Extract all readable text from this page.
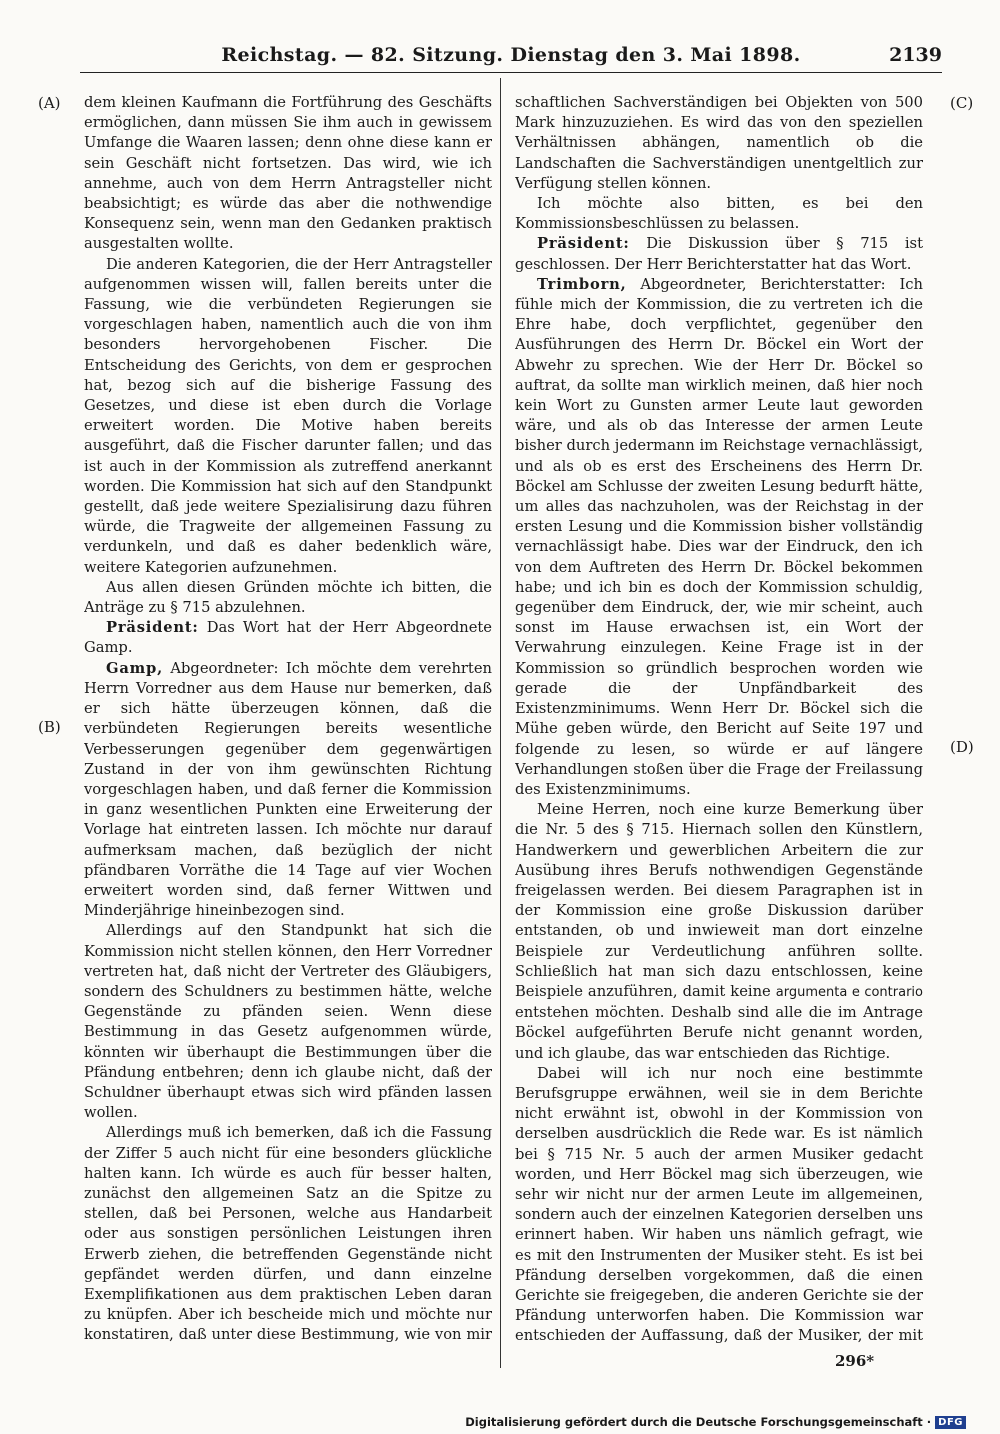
Reichstag. — 82. Sitzung. Dienstag den 3. Mai 1898.	2139
(A)
(B)
(C)
(D)

dem kleinen Kaufmann die Fortführung des Geschäfts ermöglichen, dann müssen Sie ihm auch in gewissem Umfange die Waaren lassen; denn ohne diese kann er sein Geschäft nicht fortsetzen. Das wird, wie ich annehme, auch von dem Herrn Antragsteller nicht beabsichtigt; es würde das aber die nothwendige Konsequenz sein, wenn man den Gedanken praktisch ausgestalten wollte.

Die anderen Kategorien, die der Herr Antragsteller aufgenommen wissen will, fallen bereits unter die Fassung, wie die verbündeten Regierungen sie vorgeschlagen haben, namentlich auch die von ihm besonders hervorgehobenen Fischer. Die Entscheidung des Gerichts, von dem er gesprochen hat, bezog sich auf die bisherige Fassung des Gesetzes, und diese ist eben durch die Vorlage erweitert worden. Die Motive haben bereits ausgeführt, daß die Fischer darunter fallen; und das ist auch in der Kommission als zutreffend anerkannt worden. Die Kommission hat sich auf den Standpunkt gestellt, daß jede weitere Spezialisirung dazu führen würde, die Tragweite der allgemeinen Fassung zu verdunkeln, und daß es daher bedenklich wäre, weitere Kategorien aufzunehmen.

Aus allen diesen Gründen möchte ich bitten, die Anträge zu § 715 abzulehnen.

Präsident: Das Wort hat der Herr Abgeordnete Gamp.

Gamp, Abgeordneter: Ich möchte dem verehrten Herrn Vorredner aus dem Hause nur bemerken, daß er sich hätte überzeugen können, daß die verbündeten Regierungen bereits wesentliche Verbesserungen gegenüber dem gegenwärtigen Zustand in der von ihm gewünschten Richtung vorgeschlagen haben, und daß ferner die Kommission in ganz wesentlichen Punkten eine Erweiterung der Vorlage hat eintreten lassen. Ich möchte nur darauf aufmerksam machen, daß bezüglich der nicht pfändbaren Vorräthe die 14 Tage auf vier Wochen erweitert worden sind, daß ferner Wittwen und Minderjährige hineinbezogen sind.

Allerdings auf den Standpunkt hat sich die Kommission nicht stellen können, den Herr Vorredner vertreten hat, daß nicht der Vertreter des Gläubigers, sondern des Schuldners zu bestimmen hätte, welche Gegenstände zu pfänden seien. Wenn diese Bestimmung in das Gesetz aufgenommen würde, könnten wir überhaupt die Bestimmungen über die Pfändung entbehren; denn ich glaube nicht, daß der Schuldner überhaupt etwas sich wird pfänden lassen wollen.

Allerdings muß ich bemerken, daß ich die Fassung der Ziffer 5 auch nicht für eine besonders glückliche halten kann. Ich würde es auch für besser halten, zunächst den allgemeinen Satz an die Spitze zu stellen, daß bei Personen, welche aus Handarbeit oder aus sonstigen persönlichen Leistungen ihren Erwerb ziehen, die betreffenden Gegenstände nicht gepfändet werden dürfen, und dann einzelne Exemplifikationen aus dem praktischen Leben daran zu knüpfen. Aber ich bescheide mich und möchte nur konstatiren, daß unter diese Bestimmung, wie von mir

schaftlichen Sachverständigen bei Objekten von 500 Mark hinzuzuziehen. Es wird das von den speziellen Verhältnissen abhängen, namentlich ob die Landschaften die Sachverständigen unentgeltlich zur Verfügung stellen können.

Ich möchte also bitten, es bei den Kommissionsbeschlüssen zu belassen.

Präsident: Die Diskussion über § 715 ist geschlossen. Der Herr Berichterstatter hat das Wort.

Trimborn, Abgeordneter, Berichterstatter: Ich fühle mich der Kommission, die zu vertreten ich die Ehre habe, doch verpflichtet, gegenüber den Ausführungen des Herrn Dr. Böckel ein Wort der Abwehr zu sprechen. Wie der Herr Dr. Böckel so auftrat, da sollte man wirklich meinen, daß hier noch kein Wort zu Gunsten armer Leute laut geworden wäre, und als ob das Interesse der armen Leute bisher durch jedermann im Reichstage vernachlässigt, und als ob es erst des Erscheinens des Herrn Dr. Böckel am Schlusse der zweiten Lesung bedurft hätte, um alles das nachzuholen, was der Reichstag in der ersten Lesung und die Kommission bisher vollständig vernachlässigt habe. Dies war der Eindruck, den ich von dem Auftreten des Herrn Dr. Böckel bekommen habe; und ich bin es doch der Kommission schuldig, gegenüber dem Eindruck, der, wie mir scheint, auch sonst im Hause erwachsen ist, ein Wort der Verwahrung einzulegen. Keine Frage ist in der Kommission so gründlich besprochen worden wie gerade die der Unpfändbarkeit des Existenzminimums. Wenn Herr Dr. Böckel sich die Mühe geben würde, den Bericht auf Seite 197 und folgende zu lesen, so würde er auf längere Verhandlungen stoßen über die Frage der Freilassung des Existenzminimums.

Meine Herren, noch eine kurze Bemerkung über die Nr. 5 des § 715. Hiernach sollen den Künstlern, Handwerkern und gewerblichen Arbeitern die zur Ausübung ihres Berufs nothwendigen Gegenstände freigelassen werden. Bei diesem Paragraphen ist in der Kommission eine große Diskussion darüber entstanden, ob und inwieweit man dort einzelne Beispiele zur Verdeutlichung anführen sollte. Schließlich hat man sich dazu entschlossen, keine Beispiele anzuführen, damit keine argumenta e contrario entstehen möchten. Deshalb sind alle die im Antrage Böckel aufgeführten Berufe nicht genannt worden, und ich glaube, das war entschieden das Richtige.

Dabei will ich nur noch eine bestimmte Berufsgruppe erwähnen, weil sie in dem Berichte nicht erwähnt ist, obwohl in der Kommission von derselben ausdrücklich die Rede war. Es ist nämlich bei § 715 Nr. 5 auch der armen Musiker gedacht worden, und Herr Böckel mag sich überzeugen, wie sehr wir nicht nur der armen Leute im allgemeinen, sondern auch der einzelnen Kategorien derselben uns erinnert haben. Wir haben uns nämlich gefragt, wie es mit den Instrumenten der Musiker steht. Es ist bei Pfändung derselben vorgekommen, daß die einen Gerichte sie freigegeben, die anderen Gerichte sie der Pfändung unterworfen haben. Die Kommission war entschieden der Auffassung, daß der Musiker, der mit

296*
Digitalisierung gefördert durch die Deutsche Forschungsgemeinschaft · DFG
